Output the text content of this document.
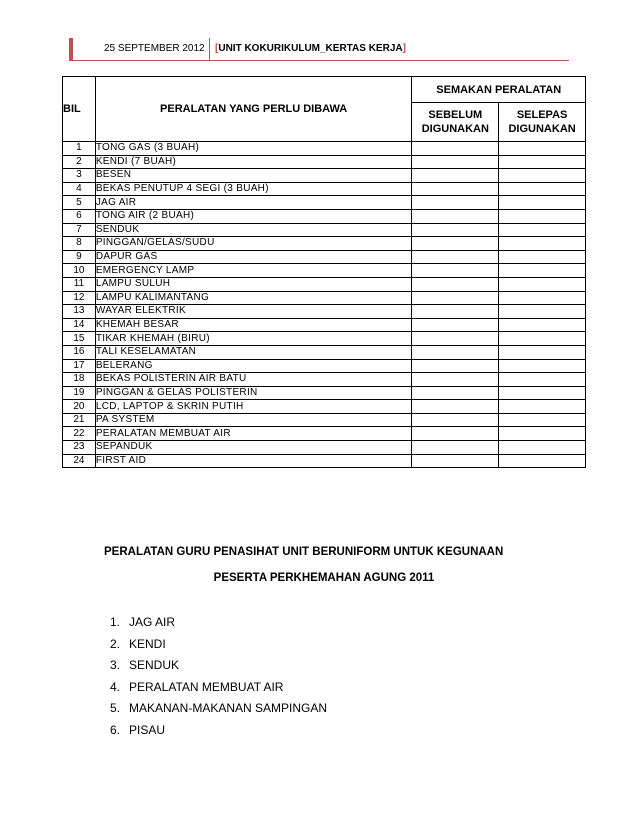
25 SEPTEMBER 2012	[UNIT KOKURIKULUM_KERTAS KERJA]
BIL	PERALATAN YANG PERLU DIBAWA	SEMAKAN PERALATAN	
		SEBELUM DIGUNAKAN	SELEPAS DIGUNAKAN
1	TONG GAS (3 BUAH)		
2	KENDI (7 BUAH)		
3	BESEN		
4	BEKAS PENUTUP 4 SEGI (3 BUAH)		
5	JAG AIR		
6	TONG AIR (2 BUAH)		
7	SENDUK		
8	PINGGAN/GELAS/SUDU		
9	DAPUR GAS		
10	EMERGENCY LAMP		
11	LAMPU SULUH		
12	LAMPU KALIMANTANG		
13	WAYAR ELEKTRIK		
14	KHEMAH BESAR		
15	TIKAR KHEMAH (BIRU)		
16	TALI KESELAMATAN		
17	BELERANG		
18	BEKAS POLISTERIN AIR BATU		
19	PINGGAN & GELAS POLISTERIN		
20	LCD, LAPTOP & SKRIN PUTIH		
21	PA SYSTEM		
22	PERALATAN MEMBUAT AIR		
23	SEPANDUK		
24	FIRST AID		
PERALATAN GURU PENASIHAT UNIT BERUNIFORM UNTUK KEGUNAAN
PESERTA PERKHEMAHAN AGUNG 2011
1. JAG AIR
2. KENDI
3. SENDUK
4. PERALATAN MEMBUAT AIR
5. MAKANAN-MAKANAN SAMPINGAN
6. PISAU
